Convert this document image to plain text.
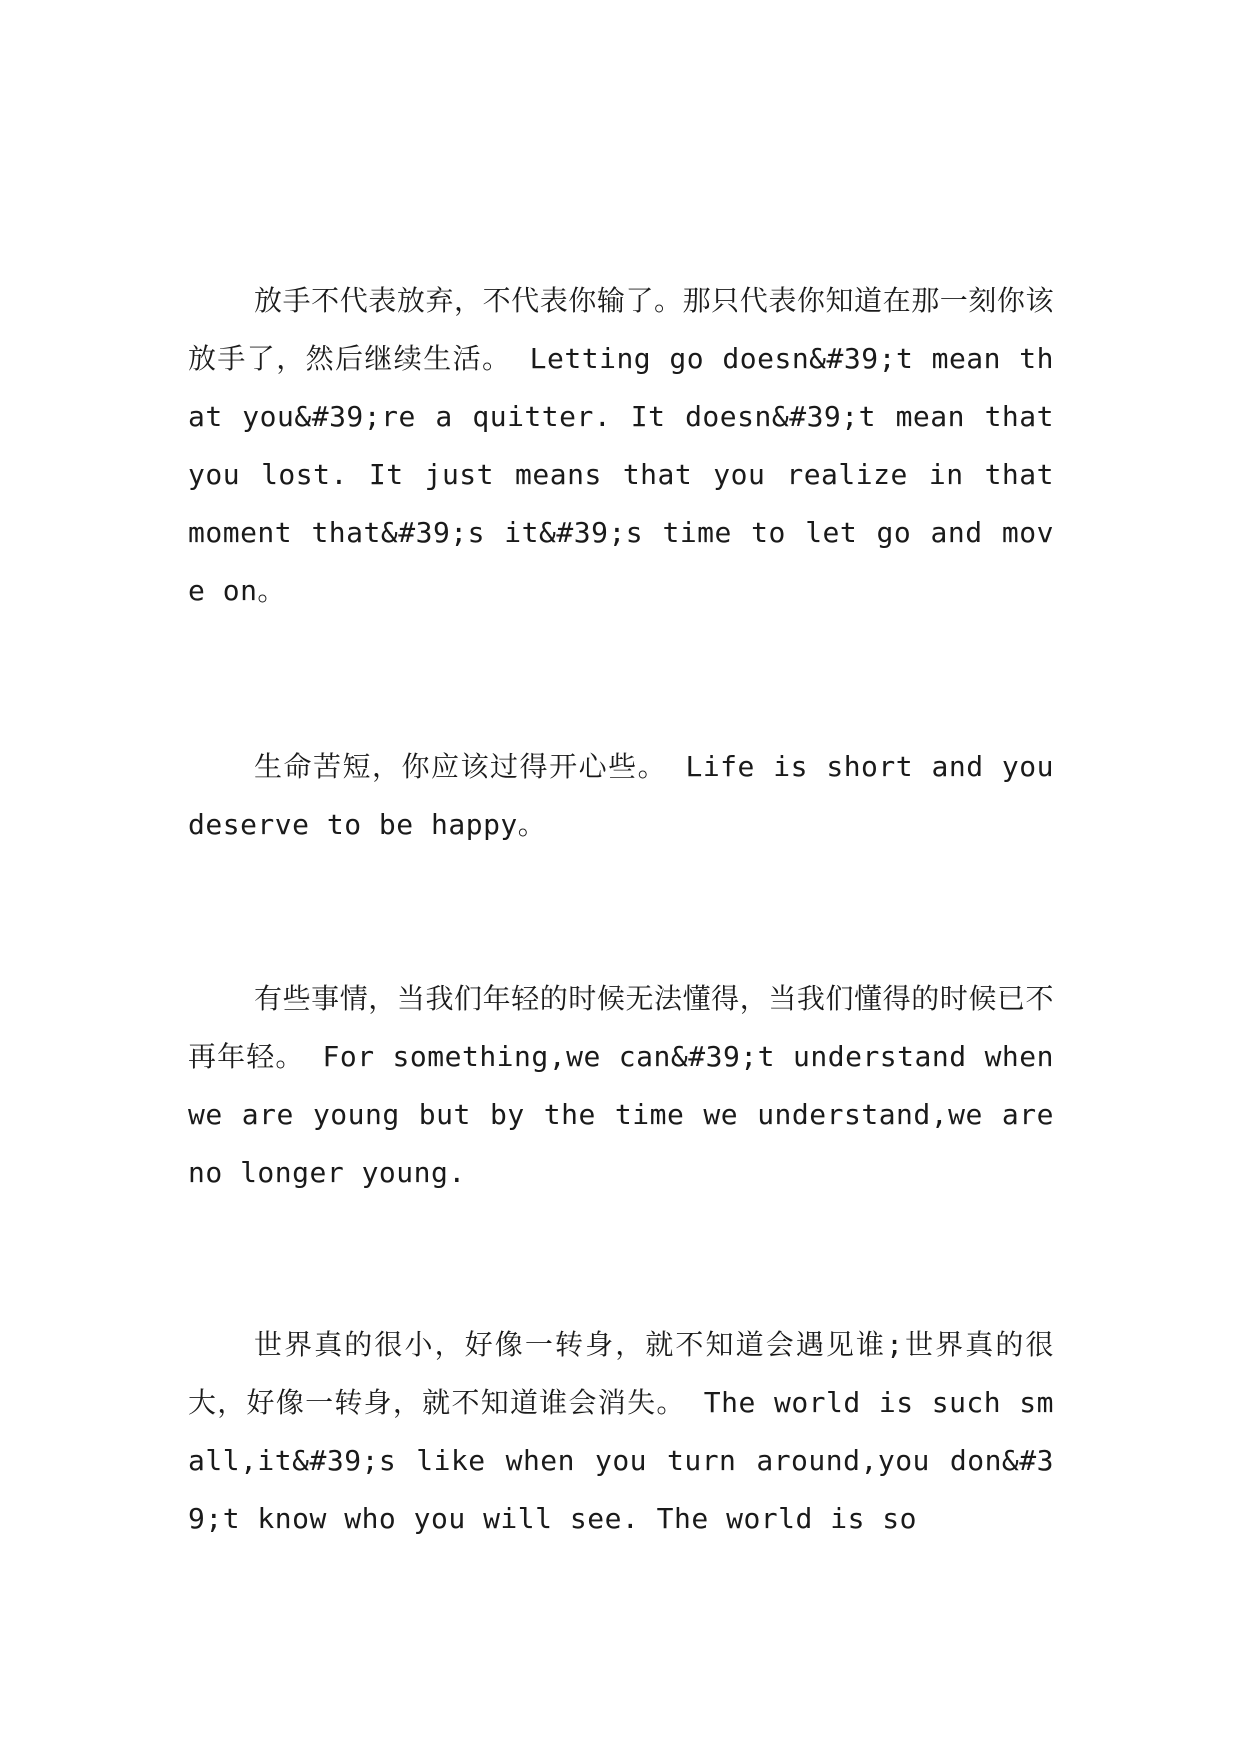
放手不代表放弃，不代表你输了。那只代表你知道在那一刻你该放手了，然后继续生活。 Letting go doesn&#39;t mean that you&#39;re a quitter. It doesn&#39;t mean that you lost. It just means that you realize in that moment that&#39;s it&#39;s time to let go and move on。

生命苦短，你应该过得开心些。 Life is short and you deserve to be happy。

有些事情，当我们年轻的时候无法懂得，当我们懂得的时候已不再年轻。 For something,we can&#39;t understand when we are young but by the time we understand,we are no longer young.

世界真的很小，好像一转身，就不知道会遇见谁;世界真的很大，好像一转身，就不知道谁会消失。 The world is such small,it&#39;s like when you turn around,you don&#39;t know who you will see. The world is so
